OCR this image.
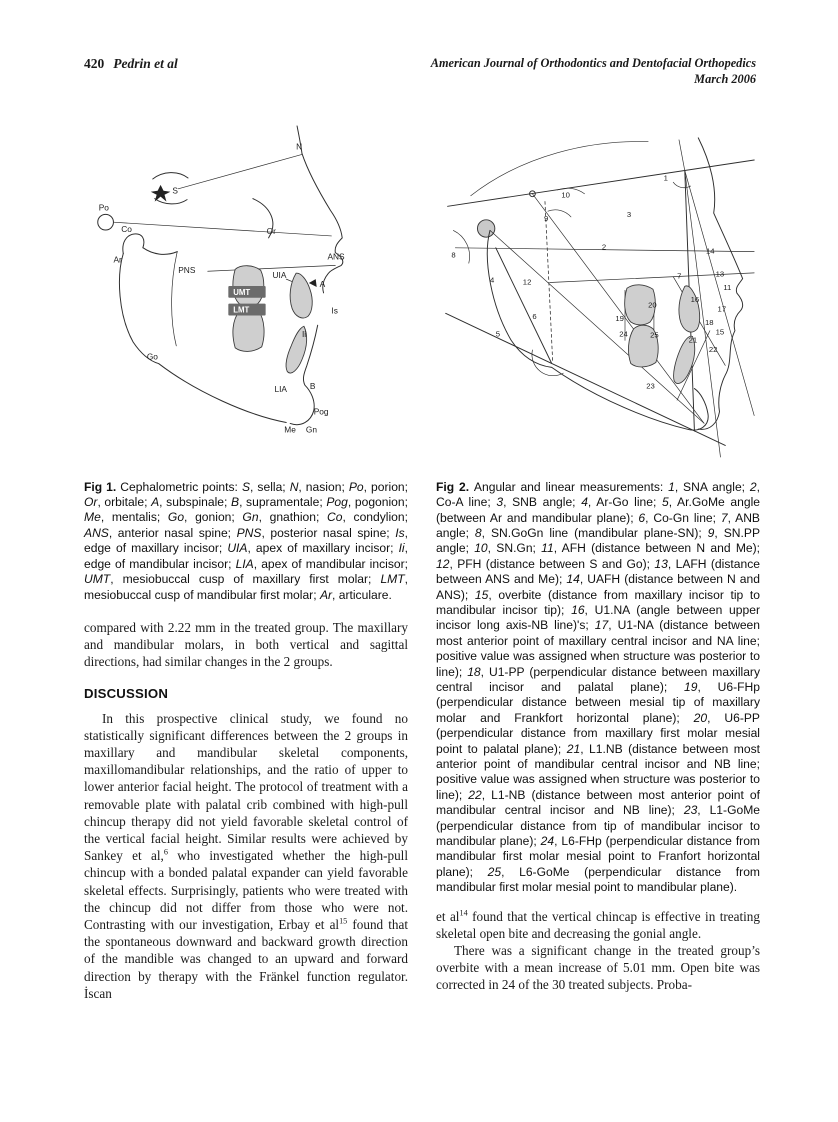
420 Pedrin et al	American Journal of Orthodontics and Dentofacial Orthopedics
March 2006
N
S
Po
Co
Ar
Or
PNS
ANS
UIA
A
Is
UMT
LMT
Ii
Go
LIA	B
Pog
Me Gn
Fig 1. Cephalometric points: S, sella; N, nasion; Po, porion; Or, orbitale; A, subspinale; B, supramentale; Pog, pogonion; Me, mentalis; Go, gonion; Gn, gnathion; Co, condylion; ANS, anterior nasal spine; PNS, posterior nasal spine; Is, edge of maxillary incisor; UIA, apex of maxillary incisor; Ii, edge of mandibular incisor; LIA, apex of mandibular incisor; UMT, mesiobuccal cusp of maxillary first molar; LMT, mesiobuccal cusp of mandibular first molar; Ar, articulare.

compared with 2.22 mm in the treated group. The maxillary and mandibular molars, in both vertical and sagittal directions, had similar changes in the 2 groups.

DISCUSSION

In this prospective clinical study, we found no statistically significant differences between the 2 groups in maxillary and mandibular skeletal components, maxillomandibular relationships, and the ratio of upper to lower anterior facial height. The protocol of treatment with a removable plate with palatal crib combined with high-pull chincup therapy did not yield favorable skeletal control of the vertical facial height. Similar results were achieved by Sankey et al,$^6$ who investigated whether the high-pull chincup with a bonded palatal expander can yield favorable skeletal effects. Surprisingly, patients who were treated with the chincup did not differ from those who were not. Contrasting with our investigation, Erbay et $al^{15}$ found that the spontaneous downward and backward growth direction of the mandible was changed to an upward and forward direction by therapy with the Fränkel function regulator. İscan

1
2
3
4
5
6
7
8
9
10
11
12
13
14
15
16
17
18
19
20
21
22
23
24	25
Fig 2. Angular and linear measurements: 1, SNA angle; 2, Co-A line; 3, SNB angle; 4, Ar-Go line; 5, Ar.GoMe angle (between Ar and mandibular plane); 6, Co-Gn line; 7, ANB angle; 8, SN.GoGn line (mandibular plane-SN); 9, SN.PP angle; 10, SN.Gn; 11, AFH (distance between N and Me); 12, PFH (distance between S and Go); 13, LAFH (distance between ANS and Me); 14, UAFH (distance between N and ANS); 15, overbite (distance from maxillary incisor tip to mandibular incisor tip); 16, U1.NA (angle between upper incisor long axis-NB line)'s; 17, U1-NA (distance between most anterior point of maxillary central incisor and NA line; positive value was assigned when structure was posterior to line); 18, U1-PP (perpendicular distance between maxillary central incisor and palatal plane); 19, U6-FHp (perpendicular distance between mesial tip of maxillary molar and Frankfort horizontal plane); 20, U6-PP (perpendicular distance from maxillary first molar mesial point to palatal plane); 21, L1.NB (distance between most anterior point of mandibular central incisor and NB line; positive value was assigned when structure was posterior to line); 22, L1-NB (distance between most anterior point of mandibular central incisor and NB line); 23, L1-GoMe (perpendicular distance from tip of mandibular incisor to mandibular plane); 24, L6-FHp (perpendicular distance from mandibular first molar mesial point to Franfort horizontal plane); 25, L6-GoMe (perpendicular distance from mandibular first molar mesial point to mandibular plane).

et $al^{14}$ found that the vertical chincap is effective in treating skeletal open bite and decreasing the gonial angle.

There was a significant change in the treated group’s overbite with a mean increase of 5.01 mm. Open bite was corrected in 24 of the 30 treated subjects. Proba-
